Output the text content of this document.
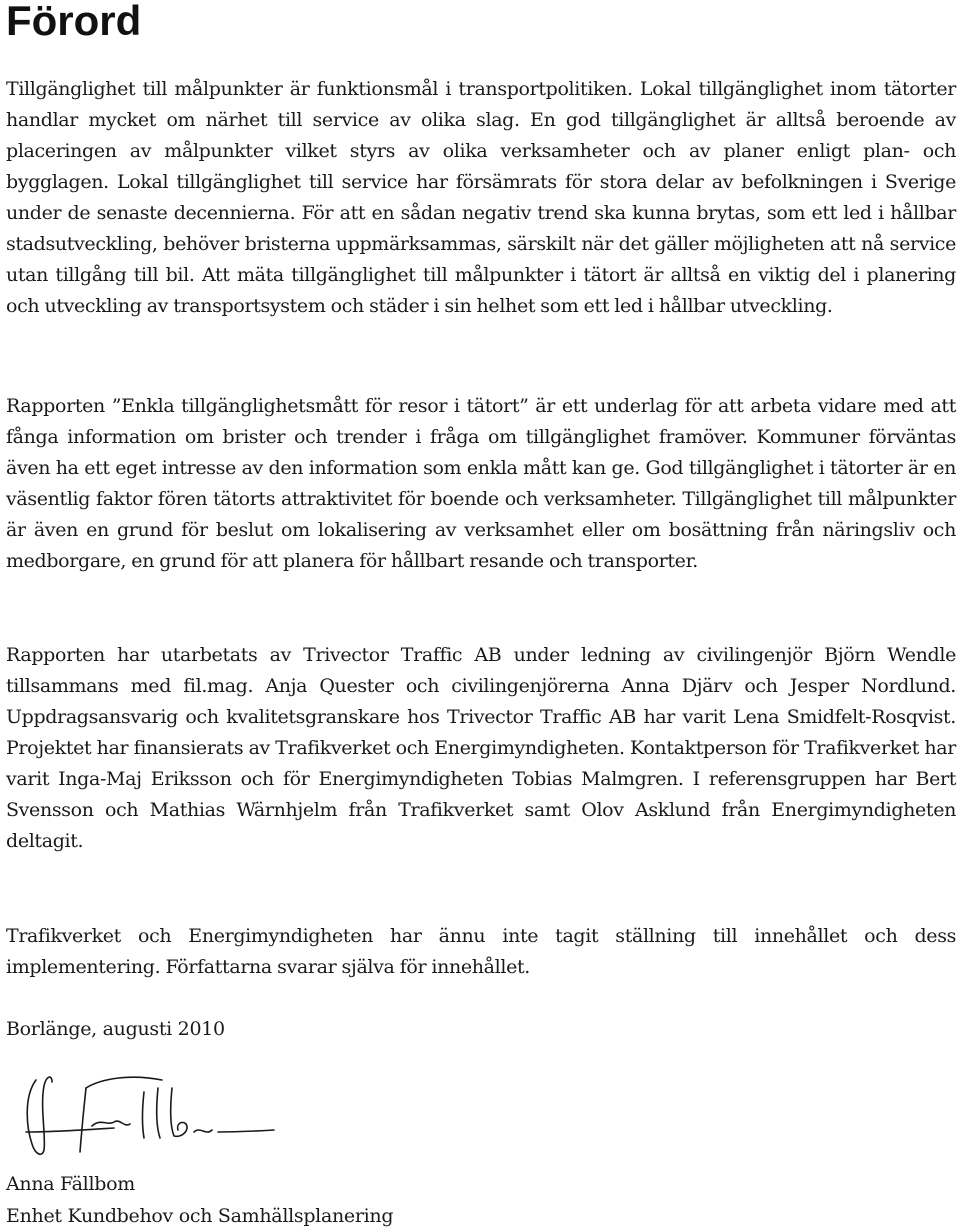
Förord

Tillgänglighet till målpunkter är funktionsmål i transportpolitiken. Lokal tillgänglighet inom tätorter handlar mycket om närhet till service av olika slag. En god tillgänglighet är alltså beroende av placeringen av målpunkter vilket styrs av olika verksamheter och av planer enligt plan- och bygglagen. Lokal tillgänglighet till service har försämrats för stora delar av befolkningen i Sverige under de senaste decennierna. För att en sådan negativ trend ska kunna brytas, som ett led i hållbar stadsutveckling, behöver bristerna uppmärksammas, särskilt när det gäller möjligheten att nå service utan tillgång till bil. Att mäta tillgänglighet till målpunkter i tätort är alltså en viktig del i planering och utveckling av transportsystem och städer i sin helhet som ett led i hållbar utveckling.

Rapporten ”Enkla tillgänglighetsmått för resor i tätort” är ett underlag för att arbeta vidare med att fånga information om brister och trender i fråga om tillgänglighet framöver. Kommuner förväntas även ha ett eget intresse av den information som enkla mått kan ge. God tillgänglighet i tätorter är en väsentlig faktor fören tätorts attraktivitet för boende och verksamheter. Tillgänglighet till målpunkter är även en grund för beslut om lokalisering av verksamhet eller om bosättning från näringsliv och medborgare, en grund för att planera för hållbart resande och transporter.

Rapporten har utarbetats av Trivector Traffic AB under ledning av civilingenjör Björn Wendle tillsammans med fil.mag. Anja Quester och civilingenjörerna Anna Djärv och Jesper Nordlund. Uppdragsansvarig och kvalitetsgranskare hos Trivector Traffic AB har varit Lena Smidfelt-Rosqvist. Projektet har finansierats av Trafikverket och Energimyndigheten. Kontaktperson för Trafikverket har varit Inga-Maj Eriksson och för Energimyndigheten Tobias Malmgren. I referensgruppen har Bert Svensson och Mathias Wärnhjelm från Trafikverket samt Olov Asklund från Energimyndigheten deltagit.

Trafikverket och Energimyndigheten har ännu inte tagit ställning till innehållet och dess implementering. Författarna svarar själva för innehållet.

Borlänge, augusti 2010

Anna Fällbom

Enhet Kundbehov och Samhällsplanering
